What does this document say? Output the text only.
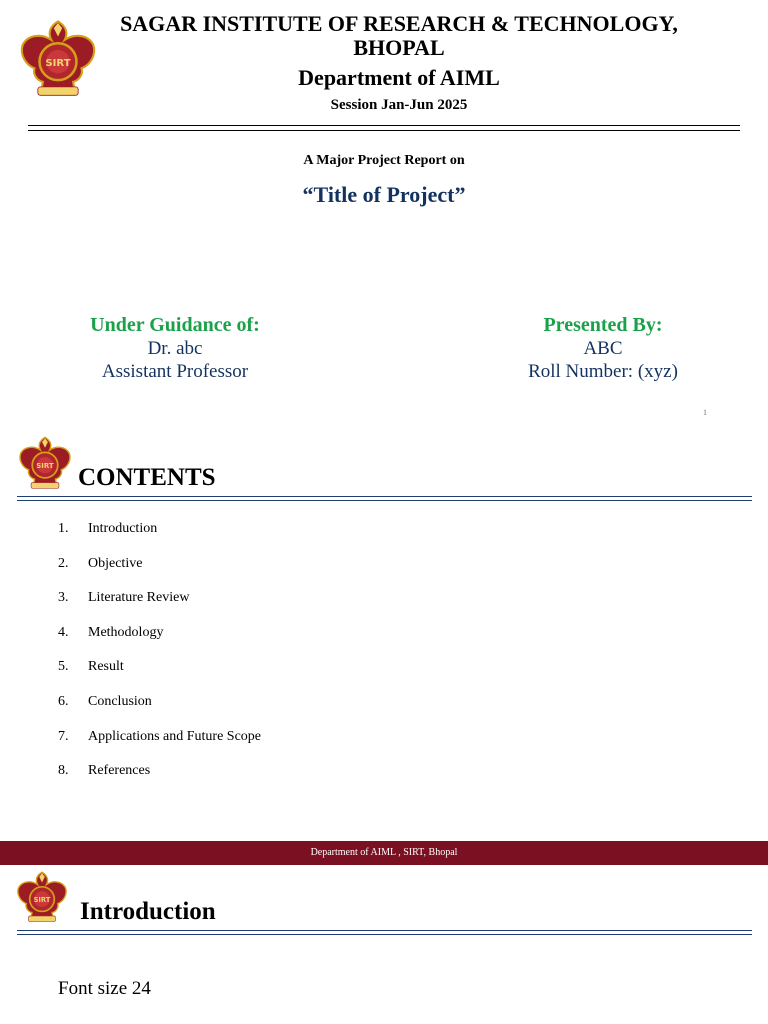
SAGAR INSTITUTE OF RESEARCH & TECHNOLOGY,
BHOPAL
Department of AIML
Session Jan-Jun 2025
A Major Project Report on
“Title of Project”
Under Guidance of:
Dr. abc
Assistant Professor
Presented By:
ABC
Roll Number: (xyz)
1
CONTENTS
1.	Introduction
2.	Objective
3.	Literature Review
4.	Methodology
5.	Result
6.	Conclusion
7.	Applications and Future Scope
8.	References
Department of AIML , SIRT, Bhopal
Introduction
Font size 24
